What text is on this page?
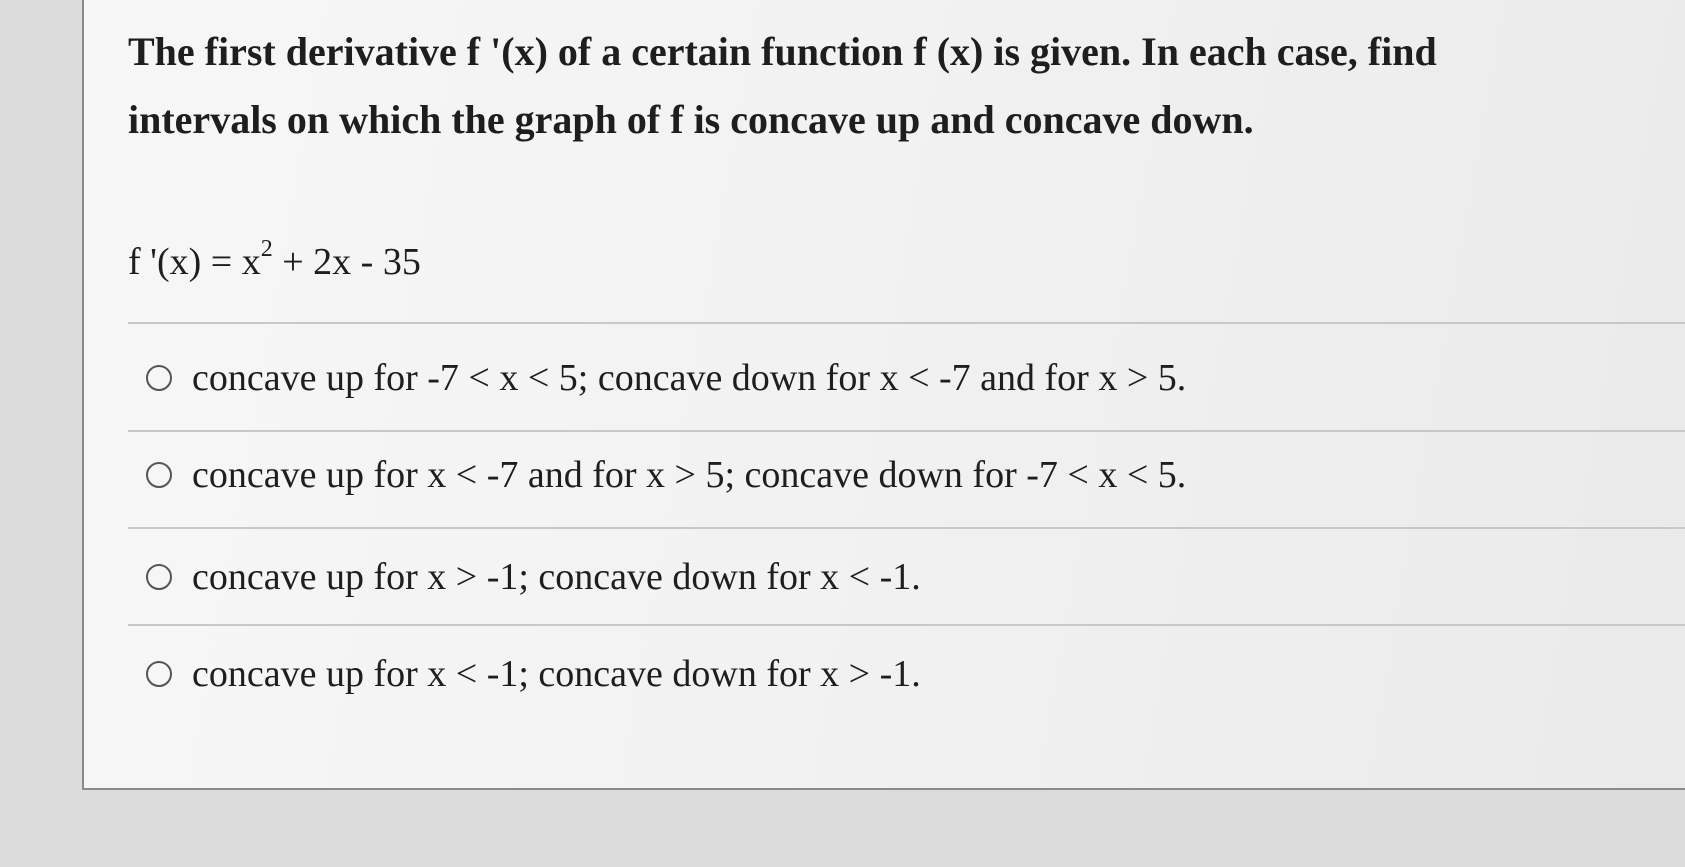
The first derivative f '(x) of a certain function f (x) is given. In each case, find intervals on which the graph of f is concave up and concave down.

f '$(x) = x^2 + 2x - 35$
concave up for -7 < x < 5; concave down for x < -7 and for x > 5.
concave up for x < -7 and for x > 5; concave down for -7 < x < 5.
concave up for x > -1; concave down for x < -1.
concave up for x < -1; concave down for x > -1.
